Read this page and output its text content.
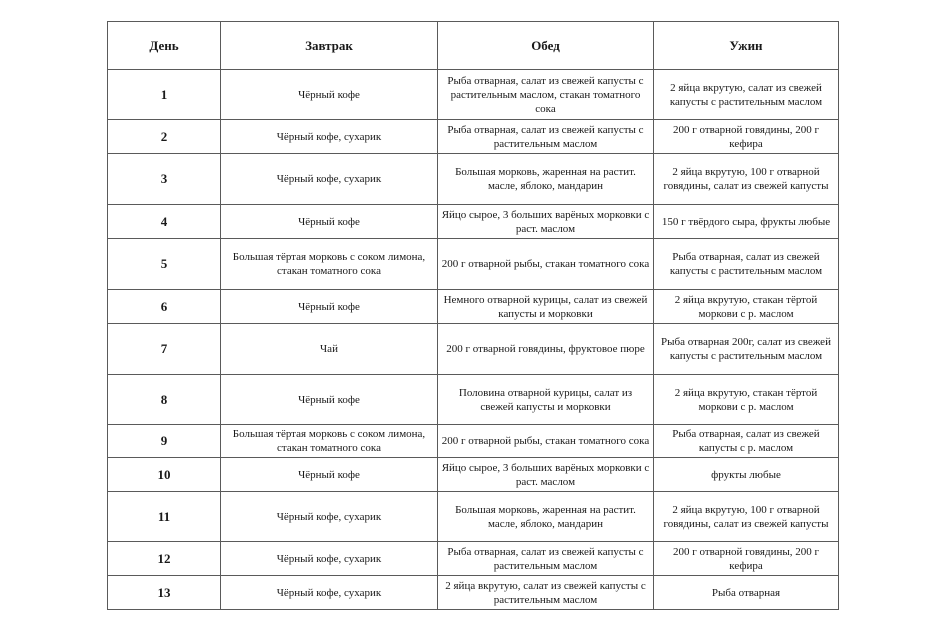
День	Завтрак	Обед	Ужин
1	Чёрный кофе	Рыба отварная, салат из свежей капусты с растительным маслом, стакан томатного сока	2 яйца вкрутую, салат из свежей капусты с растительным маслом
2	Чёрный кофе, сухарик	Рыба отварная, салат из свежей капусты с растительным маслом	200 г отварной говядины, 200 г кефира
3	Чёрный кофе, сухарик	Большая морковь, жаренная на растит. масле, яблоко, мандарин	2 яйца вкрутую, 100 г отварной говядины, салат из свежей капусты
4	Чёрный кофе	Яйцо сырое, 3 больших варёных морковки с раст. маслом	150 г твёрдого сыра, фрукты любые
5	Большая тёртая морковь с соком лимона, стакан томатного сока	200 г отварной рыбы, стакан томатного сока	Рыба отварная, салат из свежей капусты с растительным маслом
6	Чёрный кофе	Немного отварной курицы, салат из свежей капусты и морковки	2 яйца вкрутую, стакан тёртой моркови с р. маслом
7	Чай	200 г отварной говядины, фруктовое пюре	Рыба отварная 200г, салат из свежей капусты с растительным маслом
8	Чёрный кофе	Половина отварной курицы, салат из свежей капусты и морковки	2 яйца вкрутую, стакан тёртой моркови с р. маслом
9	Большая тёртая морковь с соком лимона, стакан томатного сока	200 г отварной рыбы, стакан томатного сока	Рыба отварная, салат из свежей капусты с р. маслом
10	Чёрный кофе	Яйцо сырое, 3 больших варёных морковки с раст. маслом	фрукты любые
11	Чёрный кофе, сухарик	Большая морковь, жаренная на растит. масле, яблоко, мандарин	2 яйца вкрутую, 100 г отварной говядины, салат из свежей капусты
12	Чёрный кофе, сухарик	Рыба отварная, салат из свежей капусты с растительным маслом	200 г отварной говядины, 200 г кефира
13	Чёрный кофе, сухарик	2 яйца вкрутую, салат из свежей капусты с растительным маслом	Рыба отварная
